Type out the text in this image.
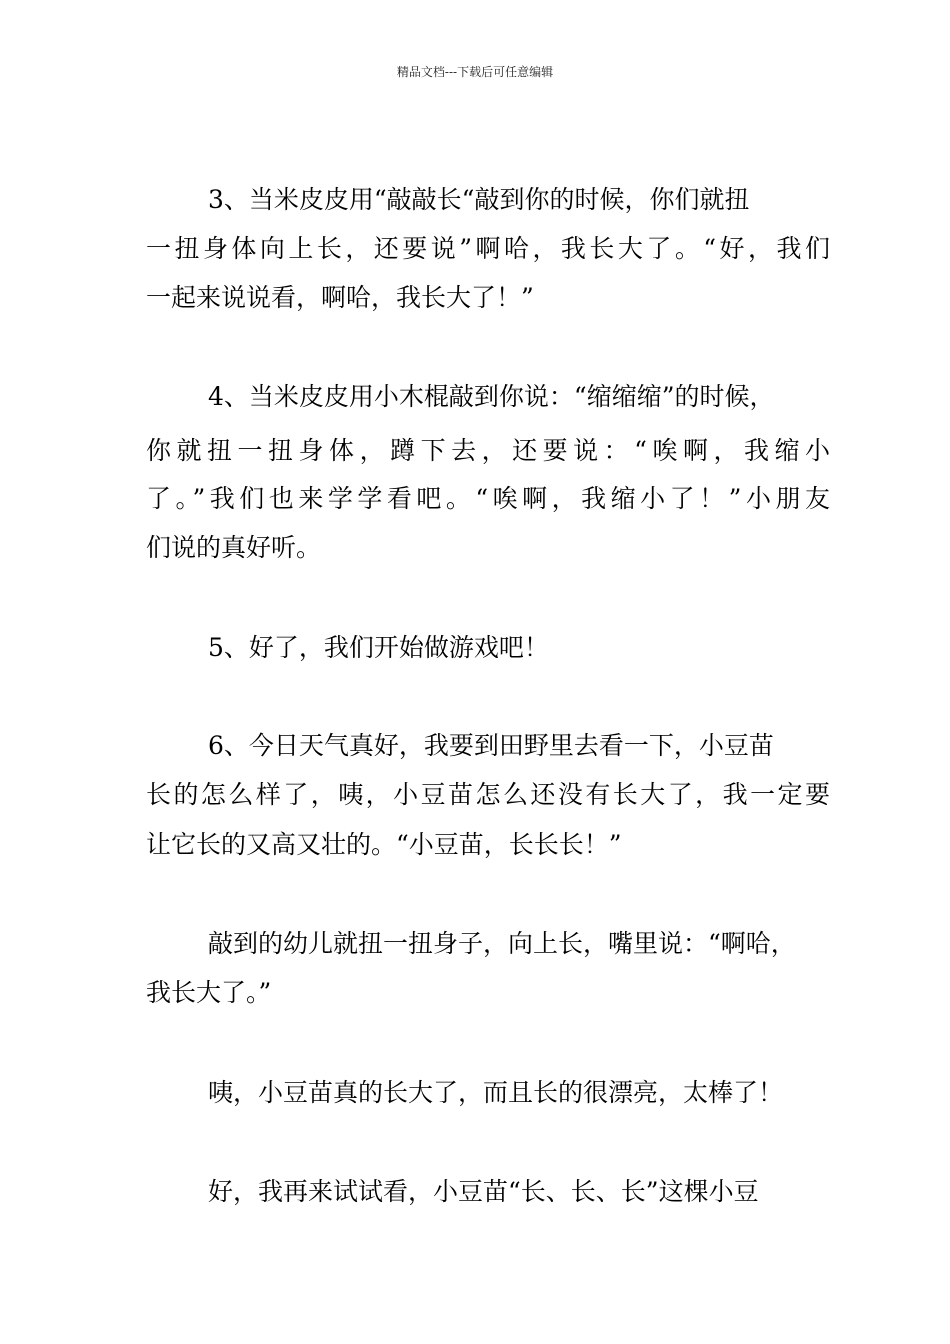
精品文档---下载后可任意编辑
3、当米皮皮用“敲敲长“敲到你的时候，你们就扭
一扭身体向上长，还要说”啊哈，我长大了。“好，我们
一起来说说看，啊哈，我长大了！”
4、当米皮皮用小木棍敲到你说：“缩缩缩”的时候，
你就扭一扭身体，蹲下去，还要说：“唉啊，我缩小
了。”我们也来学学看吧。“唉啊，我缩小了！”小朋友
们说的真好听。
5、好了，我们开始做游戏吧！
6、今日天气真好，我要到田野里去看一下，小豆苗
长的怎么样了，咦，小豆苗怎么还没有长大了，我一定要
让它长的又高又壮的。“小豆苗，长长长！”
敲到的幼儿就扭一扭身子，向上长，嘴里说：“啊哈，
我长大了。”
咦，小豆苗真的长大了，而且长的很漂亮，太棒了！
好，我再来试试看，小豆苗“长、长、长”这棵小豆
